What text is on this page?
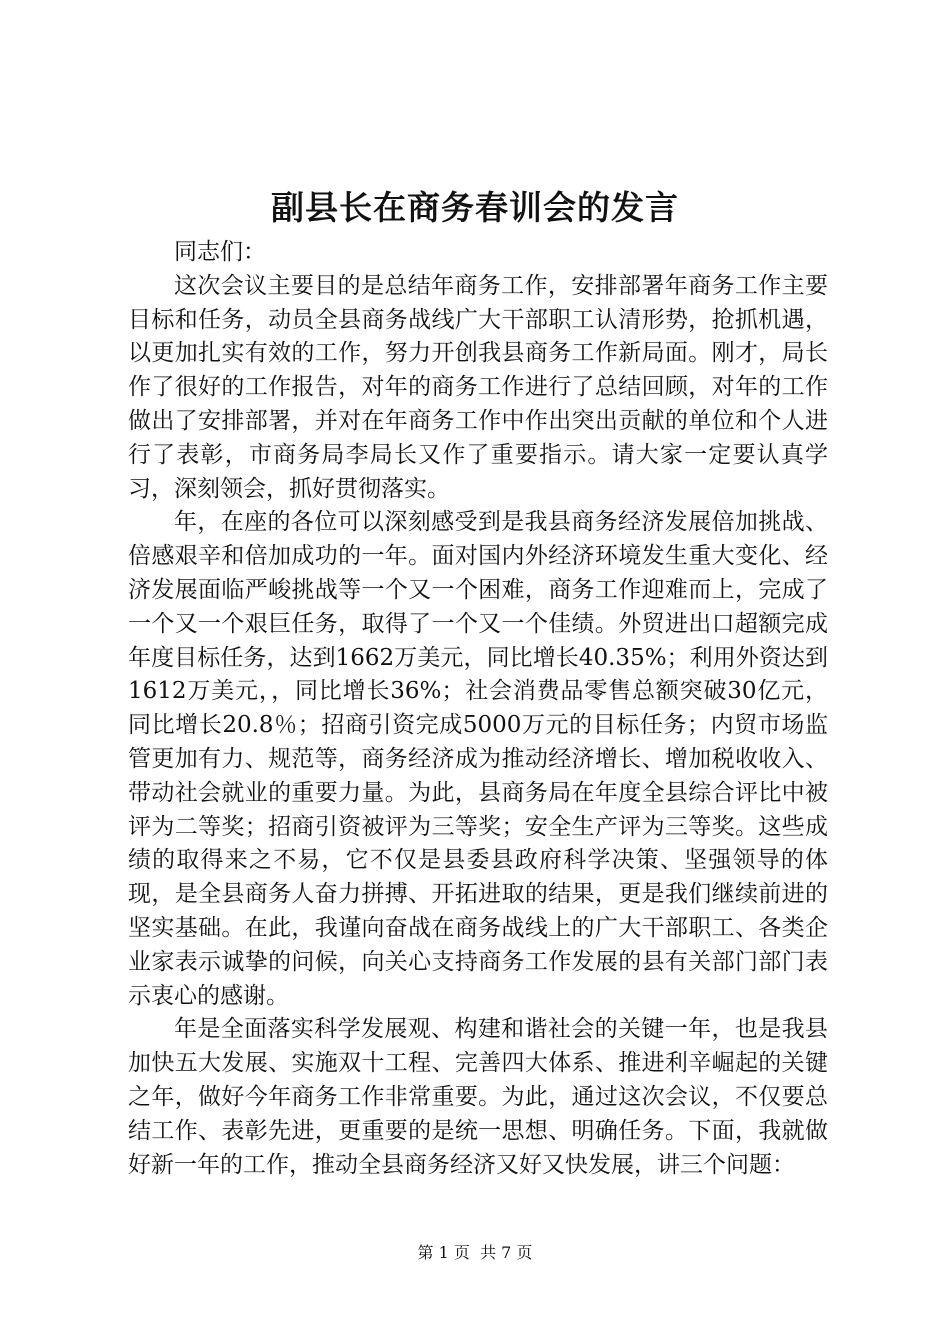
副县长在商务春训会的发言

同志们：

这次会议主要目的是总结年商务工作，安排部署年商务工作主要目标和任务，动员全县商务战线广大干部职工认清形势，抢抓机遇，以更加扎实有效的工作，努力开创我县商务工作新局面。刚才，局长作了很好的工作报告，对年的商务工作进行了总结回顾，对年的工作做出了安排部署，并对在年商务工作中作出突出贡献的单位和个人进行了表彰，市商务局李局长又作了重要指示。请大家一定要认真学习，深刻领会，抓好贯彻落实。

年，在座的各位可以深刻感受到是我县商务经济发展倍加挑战、倍感艰辛和倍加成功的一年。面对国内外经济环境发生重大变化、经济发展面临严峻挑战等一个又一个困难，商务工作迎难而上，完成了一个又一个艰巨任务，取得了一个又一个佳绩。外贸进出口超额完成年度目标任务，达到1662万美元，同比增长40.35%；利用外资达到1612万美元，，同比增长36%；社会消费品零售总额突破30亿元，同比增长20.8％；招商引资完成5000万元的目标任务；内贸市场监管更加有力、规范等，商务经济成为推动经济增长、增加税收收入、带动社会就业的重要力量。为此，县商务局在年度全县综合评比中被评为二等奖；招商引资被评为三等奖；安全生产评为三等奖。这些成绩的取得来之不易，它不仅是县委县政府科学决策、坚强领导的体现，是全县商务人奋力拼搏、开拓进取的结果，更是我们继续前进的坚实基础。在此，我谨向奋战在商务战线上的广大干部职工、各类企业家表示诚挚的问候，向关心支持商务工作发展的县有关部门部门表示衷心的感谢。

年是全面落实科学发展观、构建和谐社会的关键一年，也是我县加快五大发展、实施双十工程、完善四大体系、推进利辛崛起的关键之年，做好今年商务工作非常重要。为此，通过这次会议，不仅要总结工作、表彰先进，更重要的是统一思想、明确任务。下面，我就做好新一年的工作，推动全县商务经济又好又快发展，讲三个问题：

第 1 页  共 7 页
